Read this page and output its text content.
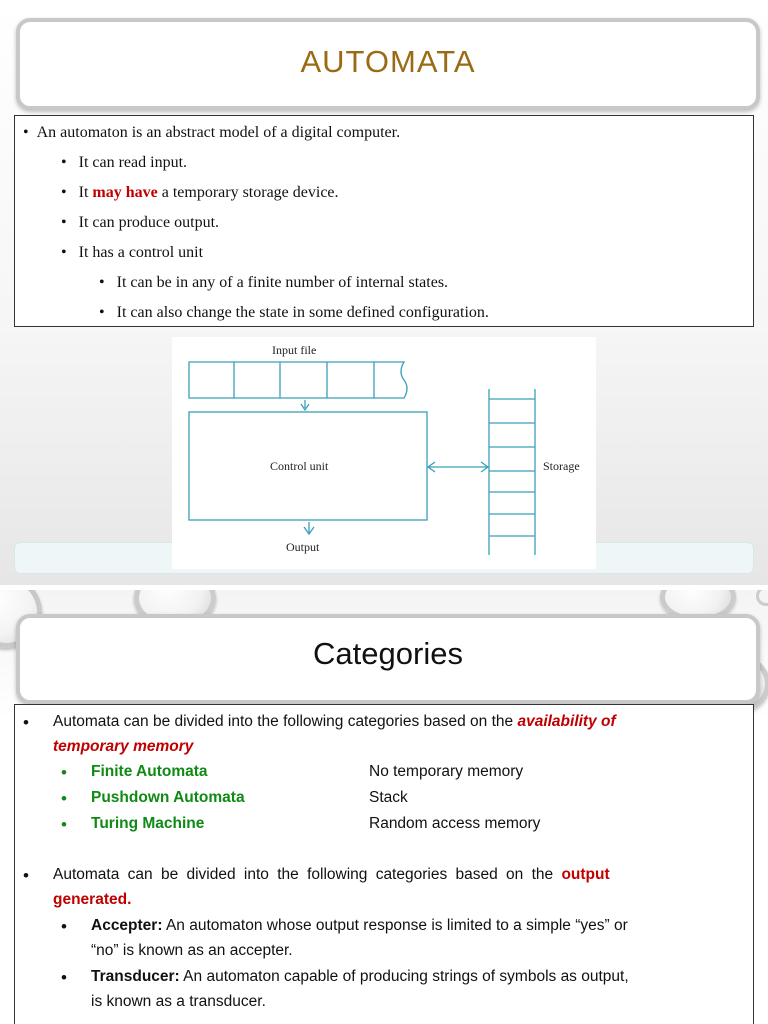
AUTOMATA
•  An automaton is an abstract model of a digital computer.
•   It can read input.
•   It may have a temporary storage device.
•   It can produce output.
•   It has a control unit
•   It can be in any of a finite number of internal states.
•   It can also change the state in some defined configuration.
Input file
Control unit	Storage
Output
Categories
• Automata can be divided into the following categories based on the availability of
temporary memory
• Finite Automata	No temporary memory
• Pushdown Automata	Stack
• Turing Machine	Random access memory
• Automata can be divided into the following categories based on the output
generated.
• Accepter: An automaton whose output response is limited to a simple “yes” or
“no” is known as an accepter.
• Transducer: An automaton capable of producing strings of symbols as output,
is known as a transducer.
